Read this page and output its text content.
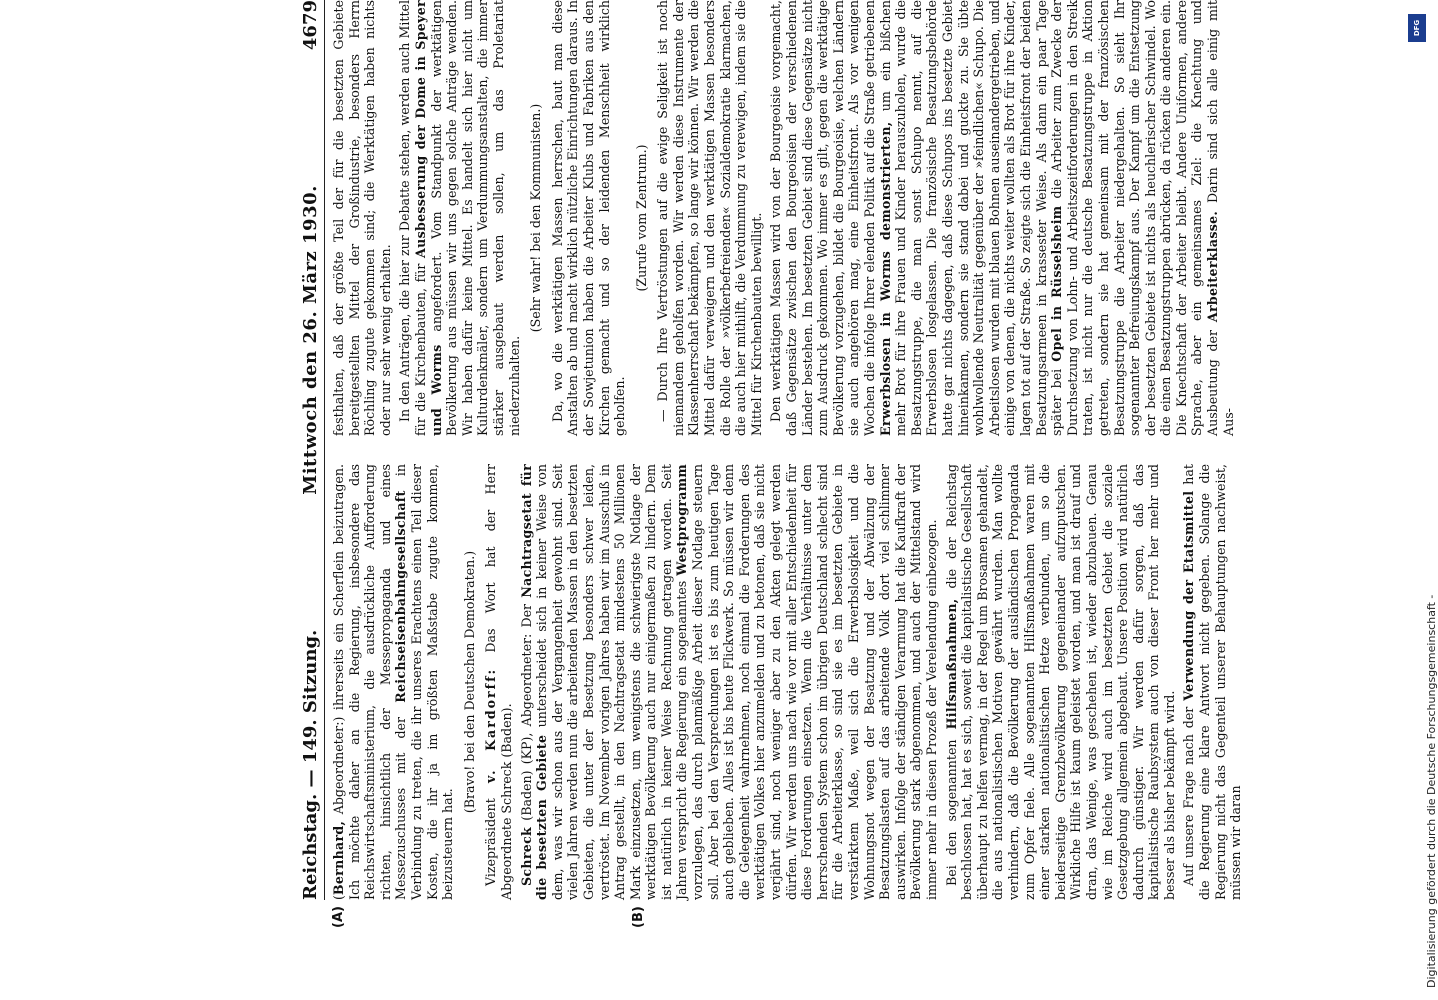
Reichstag. — 149. Sitzung.
Mittwoch den 26. März 1930.
4679
(A)	(B)

(Bernhard, Abgeordneter:) ihrerseits ein Scherflein beizutragen. Ich möchte daher an die Regierung, insbesondere das Reichswirtschaftsministerium, die ausdrückliche Aufforderung richten, hinsichtlich der Messepropaganda und eines Messezuschusses mit der Reichseisenbahngesellschaft in Verbindung zu treten, die ihr unseres Erachtens einen Teil dieser Kosten, die ihr ja im größten Maßstabe zugute kommen, beizusteuern hat.

(Bravo! bei den Deutschen Demokraten.)

Vizepräsident v. Kardorff: Das Wort hat der Herr Abgeordnete Schreck (Baden). Schreck (Baden) (KP), Abgeordneter: Der Nachtragsetat für die besetzten Gebiete unterscheidet sich in keiner Weise von dem, was wir schon aus der Vergangenheit gewohnt sind. Seit vielen Jahren werden nun die arbeitenden Massen in den besetzten Gebieten, die unter der Besetzung besonders schwer leiden, vertröstet. Im November vorigen Jahres haben wir im Ausschuß in Antrag gestellt, in den Nachtragsetat mindestens 50 Millionen Mark einzusetzen, um wenigstens die schwierigste Notlage der werktätigen Bevölkerung auch nur einigermaßen zu lindern. Dem ist natürlich in keiner Weise Rechnung getragen worden. Seit Jahren verspricht die Regierung ein sogenanntes Westprogramm vorzulegen, das durch planmäßige Arbeit dieser Notlage steuern soll. Aber bei den Versprechungen ist es bis zum heutigen Tage auch geblieben. Alles ist bis heute Flickwerk. So müssen wir denn die Gelegenheit wahrnehmen, noch einmal die Forderungen des werktätigen Volkes hier anzumelden und zu betonen, daß sie nicht verjährt sind, noch weniger aber zu den Akten gelegt werden dürfen. Wir werden uns nach wie vor mit aller Entschiedenheit für diese Forderungen einsetzen. Wenn die Verhältnisse unter dem herrschenden System schon im übrigen Deutschland schlecht sind für die Arbeiterklasse, so sind sie es im besetzten Gebiete in verstärktem Maße, weil sich die Erwerbslosigkeit und die Wohnungsnot wegen der Besatzung und der Abwälzung der Besatzungslasten auf das arbeitende Volk dort viel schlimmer auswirken. Infolge der ständigen Verarmung hat die Kaufkraft der Bevölkerung stark abgenommen, und auch der Mittelstand wird immer mehr in diesen Prozeß der Verelendung einbezogen. Bei den sogenannten Hilfsmaßnahmen, die der Reichstag beschlossen hat, hat es sich, soweit die kapitalistische Gesellschaft überhaupt zu helfen vermag, in der Regel um Brosamen gehandelt, die aus nationalistischen Motiven gewährt wurden. Man wollte verhindern, daß die Bevölkerung der ausländischen Propaganda zum Opfer fiele. Alle sogenannten Hilfsmaßnahmen waren mit einer starken nationalistischen Hetze verbunden, um so die beiderseitige Grenzbevölkerung gegeneinander aufzuputschen. Wirkliche Hilfe ist kaum geleistet worden, und man ist drauf und dran, das Wenige, was geschehen ist, wieder abzubauen. Genau wie im Reiche wird auch im besetzten Gebiet die soziale Gesetzgebung allgemein abgebaut. Unsere Position wird natürlich dadurch günstiger. Wir werden dafür sorgen, daß das kapitalistische Raubsystem auch von dieser Front her mehr und besser als bisher bekämpft wird. Auf unsere Frage nach der Verwendung der Etatsmittel hat die Regierung eine klare Antwort nicht gegeben. Solange die Regierung nicht das Gegenteil unserer Behauptungen nachweist, müssen wir daran

festhalten, daß der größte Teil der für die besetzten Gebiete bereitgestellten Mittel der Großindustrie, besonders Herrn Röchling zugute gekommen sind; die Werktätigen haben nichts oder nur sehr wenig erhalten. In den Anträgen, die hier zur Debatte stehen, werden auch Mittel für die Kirchenbauten, für Ausbesserung der Dome in Speyer und Worms angefordert. Vom Standpunkt der werktätigen Bevölkerung aus müssen wir uns gegen solche Anträge wenden. Wir haben dafür keine Mittel. Es handelt sich hier nicht um Kulturdenkmäler, sondern um Verdummungsanstalten, die immer stärker ausgebaut werden sollen, um das Proletariat niederzuhalten.

(Sehr wahr! bei den Kommunisten.) Da, wo die werktätigen Massen herrschen, baut man diese Anstalten ab und macht wirklich nützliche Einrichtungen daraus. In der Sowjetunion haben die Arbeiter Klubs und Fabriken aus den Kirchen gemacht und so der leidenden Menschheit wirklich geholfen.

(Zurufe vom Zentrum.) — Durch Ihre Vertröstungen auf die ewige Seligkeit ist noch niemandem geholfen worden. Wir werden diese Instrumente der Klassenherrschaft bekämpfen, so lange wir können. Wir werden die Mittel dafür verweigern und den werktätigen Massen besonders die Rolle der »völkerbefreienden« Sozialdemokratie klarmachen, die auch hier mithilft, die Verdummung zu verewigen, indem sie die Mittel für Kirchenbauten bewilligt. Den werktätigen Massen wird von der Bourgeoisie vorgemacht, daß Gegensätze zwischen den Bourgeoisien der verschiedenen Länder bestehen. Im besetzten Gebiet sind diese Gegensätze nicht zum Ausdruck gekommen. Wo immer es gilt, gegen die werktätige Bevölkerung vorzugehen, bildet die Bourgeoisie, welchen Ländern sie auch angehören mag, eine Einheitsfront. Als vor wenigen Wochen die infolge Ihrer elenden Politik auf die Straße getriebenen Erwerbslosen in Worms demonstrierten, um ein bißchen mehr Brot für ihre Frauen und Kinder herauszuholen, wurde die Besatzungstruppe, die man sonst Schupo nennt, auf die Erwerbslosen losgelassen. Die französische Besatzungsbehörde hatte gar nichts dagegen, daß diese Schupos ins besetzte Gebiet hineinkamen, sondern sie stand dabei und guckte zu. Sie übte wohlwollende Neutralität gegenüber der »feindlichen« Schupo. Die Arbeitslosen wurden mit blauen Bohnen auseinandergetrieben, und einige von denen, die nichts weiter wollten als Brot für ihre Kinder, lagen tot auf der Straße. So zeigte sich die Einheitsfront der beiden Besatzungsarmeen in krassester Weise. Als dann ein paar Tage später bei Opel in Rüsselsheim die Arbeiter zum Zwecke der Durchsetzung von Lohn- und Arbeitszeitforderungen in den Streik traten, ist nicht nur die deutsche Besatzungstruppe in Aktion getreten, sondern sie hat gemeinsam mit der französischen Besatzungstruppe die Arbeiter niedergehalten. So sieht Ihr sogenannter Befreiungskampf aus. Der Kampf um die Entsetzung der besetzten Gebiete ist nichts als heuchlerischer Schwindel. Wo die einen Besatzungstruppen abrücken, da rücken die anderen ein. Die Knechtschaft der Arbeiter bleibt. Andere Uniformen, andere Sprache, aber ein gemeinsames Ziel: die Knechtung und Ausbeutung der Arbeiterklasse. Darin sind sich alle einig mit Aus-

DFG
Digitalisierung gefördert durch die Deutsche Forschungsgemeinschaft -
